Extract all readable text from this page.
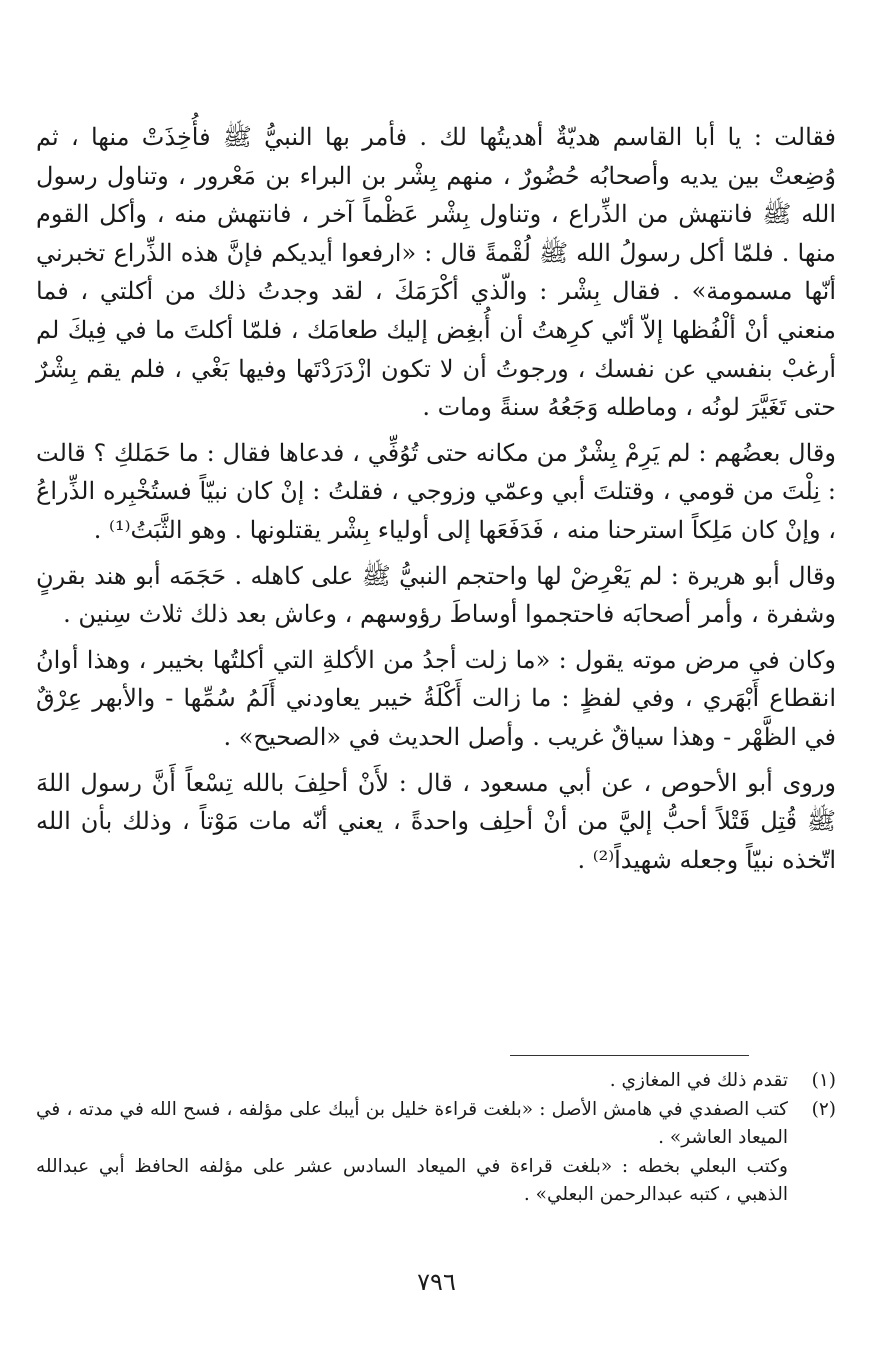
فقالت : يا أبا القاسم هديّةٌ أهديتُها لك . فأمر بها النبيُّ ﷺ فأُخِذَتْ منها ، ثم وُضِعتْ بين يديه وأصحابُه حُضُورٌ ، منهم بِشْر بن البراء بن مَعْرور ، وتناول رسول الله ﷺ فانتهش من الذِّراع ، وتناول بِشْر عَظْماً آخر ، فانتهش منه ، وأكل القوم منها . فلمّا أكل رسولُ الله ﷺ لُقْمةً قال : «ارفعوا أيديكم فإنَّ هذه الذِّراع تخبرني أنّها مسمومة» . فقال بِشْر : والّذي أكْرَمَكَ ، لقد وجدتُ ذلك من أكلتي ، فما منعني أنْ ألْفُظها إلاّ أنّي كرِهتُ أن أُبغِض إليك طعامَك ، فلمّا أكلتَ ما في فِيكَ لم أرغبْ بنفسي عن نفسك ، ورجوتُ أن لا تكون ازْدَرَدْتَها وفيها بَغْي ، فلم يقم بِشْرٌ حتى تَغَيَّرَ لونُه ، وماطله وَجَعُهُ سنةً ومات .

وقال بعضُهم : لم يَرِمْ بِشْرٌ من مكانه حتى تُوُفِّي ، فدعاها فقال : ما حَمَلكِ ؟ قالت : نِلْتَ من قومي ، وقتلتَ أبي وعمّي وزوجي ، فقلتُ : إنْ كان نبيّاً فستُخْبِره الذِّراعُ ، وإنْ كان مَلِكاً استرحنا منه ، فَدَفَعَها إلى أولياء بِشْر يقتلونها . وهو الثَّبَتُ⁽¹⁾ .

وقال أبو هريرة : لم يَعْرِضْ لها واحتجم النبيُّ ﷺ على كاهله . حَجَمَه أبو هند بقرنٍ وشفرة ، وأمر أصحابَه فاحتجموا أوساطَ رؤوسهم ، وعاش بعد ذلك ثلاث سِنين .

وكان في مرض موته يقول : «ما زلت أجدُ من الأكلةِ التي أكلتُها بخيبر ، وهذا أوانُ انقطاع أَبْهَري ، وفي لفظٍ : ما زالت أَكْلَةُ خيبر يعاودني أَلَمُ سُمِّها - والأبهر عِرْقٌ في الظَّهْر - وهذا سياقٌ غريب . وأصل الحديث في «الصحيح» .

وروى أبو الأحوص ، عن أبي مسعود ، قال : لأَنْ أحلِفَ بالله تِسْعاً أَنَّ رسول اللهَ ﷺ قُتِل قَتْلاً أحبُّ إليَّ من أنْ أحلِف واحدةً ، يعني أنّه مات مَوْتاً ، وذلك بأن الله اتّخذه نبيّاً وجعله شهيداً⁽²⁾ .

(١)
تقدم ذلك في المغازي .
(٢)
كتب الصفدي في هامش الأصل : «بلغت قراءة خليل بن أيبك على مؤلفه ، فسح الله في مدته ، في الميعاد العاشر» .
وكتب البعلي بخطه : «بلغت قراءة في الميعاد السادس عشر على مؤلفه الحافظ أبي عبدالله الذهبي ، كتبه عبدالرحمن البعلي» .
٧٩٦
